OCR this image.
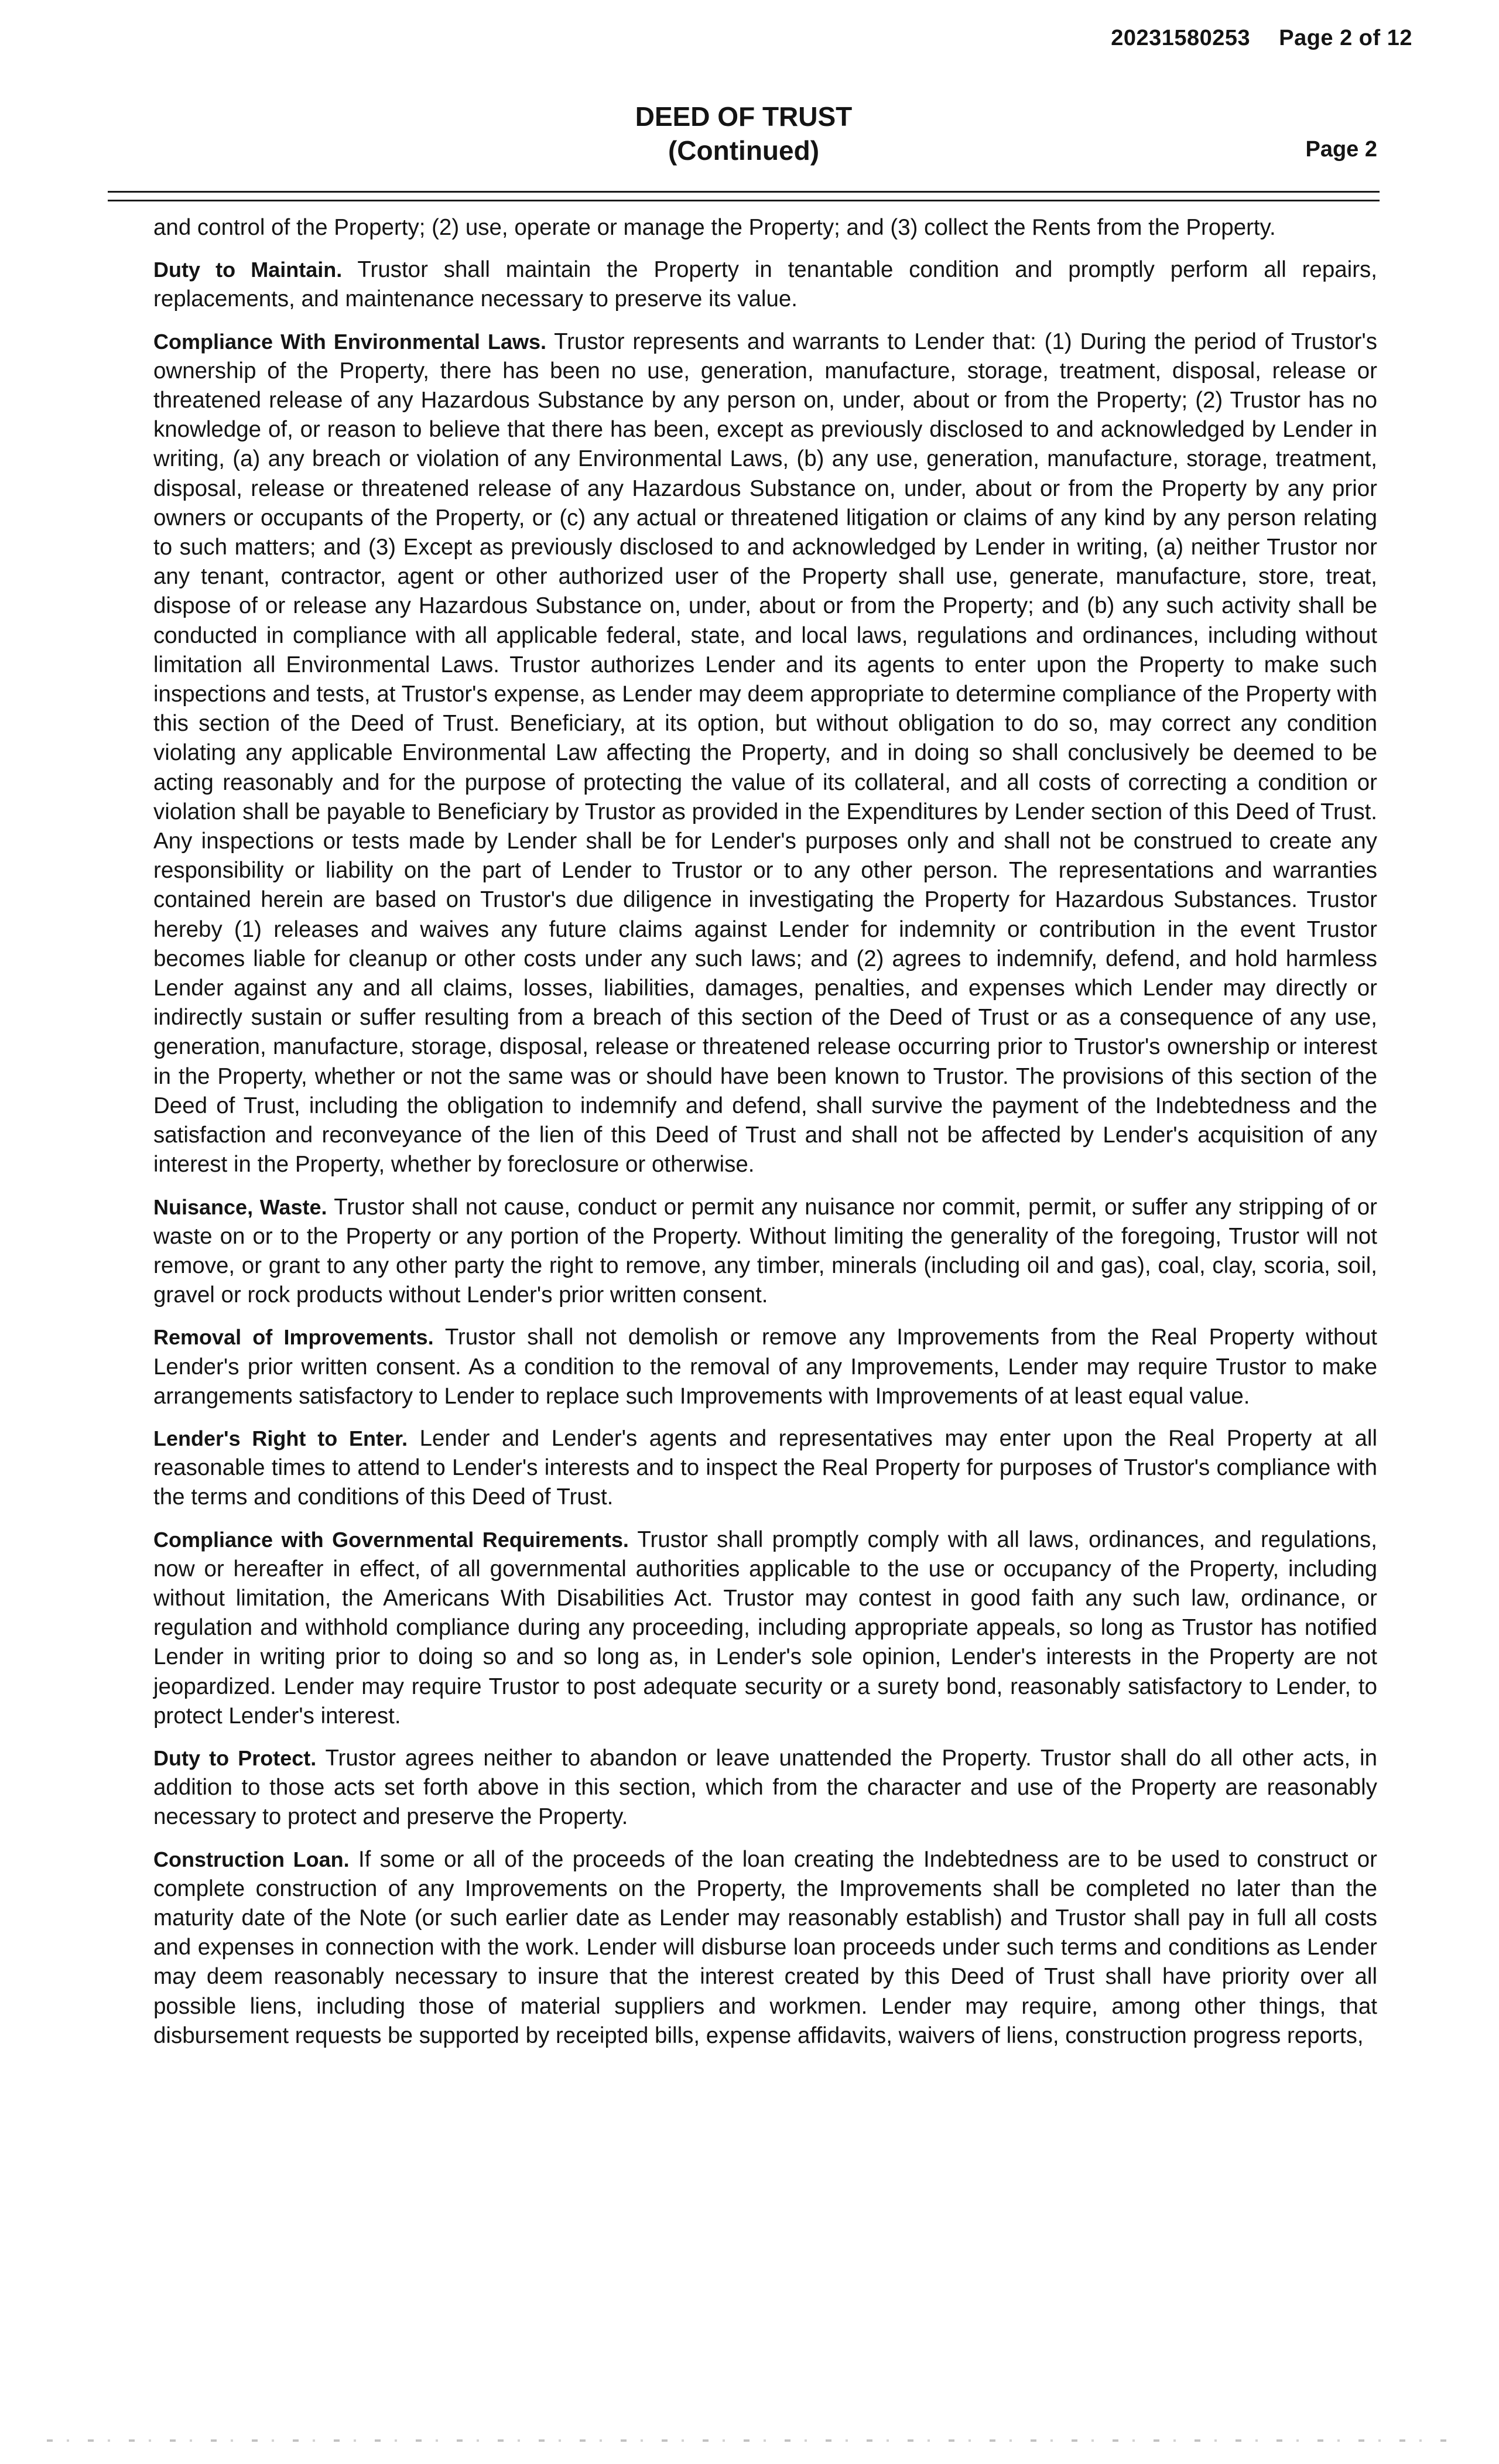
20231580253 Page 2 of 12
DEED OF TRUST
(Continued)	Page 2

and control of the Property; (2) use, operate or manage the Property; and (3) collect the Rents from the Property.

Duty to Maintain. Trustor shall maintain the Property in tenantable condition and promptly perform all repairs, replacements, and maintenance necessary to preserve its value.

Compliance With Environmental Laws. Trustor represents and warrants to Lender that: (1) During the period of Trustor's ownership of the Property, there has been no use, generation, manufacture, storage, treatment, disposal, release or threatened release of any Hazardous Substance by any person on, under, about or from the Property; (2) Trustor has no knowledge of, or reason to believe that there has been, except as previously disclosed to and acknowledged by Lender in writing, (a) any breach or violation of any Environmental Laws, (b) any use, generation, manufacture, storage, treatment, disposal, release or threatened release of any Hazardous Substance on, under, about or from the Property by any prior owners or occupants of the Property, or (c) any actual or threatened litigation or claims of any kind by any person relating to such matters; and (3) Except as previously disclosed to and acknowledged by Lender in writing, (a) neither Trustor nor any tenant, contractor, agent or other authorized user of the Property shall use, generate, manufacture, store, treat, dispose of or release any Hazardous Substance on, under, about or from the Property; and (b) any such activity shall be conducted in compliance with all applicable federal, state, and local laws, regulations and ordinances, including without limitation all Environmental Laws. Trustor authorizes Lender and its agents to enter upon the Property to make such inspections and tests, at Trustor's expense, as Lender may deem appropriate to determine compliance of the Property with this section of the Deed of Trust. Beneficiary, at its option, but without obligation to do so, may correct any condition violating any applicable Environmental Law affecting the Property, and in doing so shall conclusively be deemed to be acting reasonably and for the purpose of protecting the value of its collateral, and all costs of correcting a condition or violation shall be payable to Beneficiary by Trustor as provided in the Expenditures by Lender section of this Deed of Trust. Any inspections or tests made by Lender shall be for Lender's purposes only and shall not be construed to create any responsibility or liability on the part of Lender to Trustor or to any other person. The representations and warranties contained herein are based on Trustor's due diligence in investigating the Property for Hazardous Substances. Trustor hereby (1) releases and waives any future claims against Lender for indemnity or contribution in the event Trustor becomes liable for cleanup or other costs under any such laws; and (2) agrees to indemnify, defend, and hold harmless Lender against any and all claims, losses, liabilities, damages, penalties, and expenses which Lender may directly or indirectly sustain or suffer resulting from a breach of this section of the Deed of Trust or as a consequence of any use, generation, manufacture, storage, disposal, release or threatened release occurring prior to Trustor's ownership or interest in the Property, whether or not the same was or should have been known to Trustor. The provisions of this section of the Deed of Trust, including the obligation to indemnify and defend, shall survive the payment of the Indebtedness and the satisfaction and reconveyance of the lien of this Deed of Trust and shall not be affected by Lender's acquisition of any interest in the Property, whether by foreclosure or otherwise.

Nuisance, Waste. Trustor shall not cause, conduct or permit any nuisance nor commit, permit, or suffer any stripping of or waste on or to the Property or any portion of the Property. Without limiting the generality of the foregoing, Trustor will not remove, or grant to any other party the right to remove, any timber, minerals (including oil and gas), coal, clay, scoria, soil, gravel or rock products without Lender's prior written consent.

Removal of Improvements. Trustor shall not demolish or remove any Improvements from the Real Property without Lender's prior written consent. As a condition to the removal of any Improvements, Lender may require Trustor to make arrangements satisfactory to Lender to replace such Improvements with Improvements of at least equal value.

Lender's Right to Enter. Lender and Lender's agents and representatives may enter upon the Real Property at all reasonable times to attend to Lender's interests and to inspect the Real Property for purposes of Trustor's compliance with the terms and conditions of this Deed of Trust.

Compliance with Governmental Requirements. Trustor shall promptly comply with all laws, ordinances, and regulations, now or hereafter in effect, of all governmental authorities applicable to the use or occupancy of the Property, including without limitation, the Americans With Disabilities Act. Trustor may contest in good faith any such law, ordinance, or regulation and withhold compliance during any proceeding, including appropriate appeals, so long as Trustor has notified Lender in writing prior to doing so and so long as, in Lender's sole opinion, Lender's interests in the Property are not jeopardized. Lender may require Trustor to post adequate security or a surety bond, reasonably satisfactory to Lender, to protect Lender's interest.

Duty to Protect. Trustor agrees neither to abandon or leave unattended the Property. Trustor shall do all other acts, in addition to those acts set forth above in this section, which from the character and use of the Property are reasonably necessary to protect and preserve the Property.

Construction Loan. If some or all of the proceeds of the loan creating the Indebtedness are to be used to construct or complete construction of any Improvements on the Property, the Improvements shall be completed no later than the maturity date of the Note (or such earlier date as Lender may reasonably establish) and Trustor shall pay in full all costs and expenses in connection with the work. Lender will disburse loan proceeds under such terms and conditions as Lender may deem reasonably necessary to insure that the interest created by this Deed of Trust shall have priority over all possible liens, including those of material suppliers and workmen. Lender may require, among other things, that disbursement requests be supported by receipted bills, expense affidavits, waivers of liens, construction progress reports,
